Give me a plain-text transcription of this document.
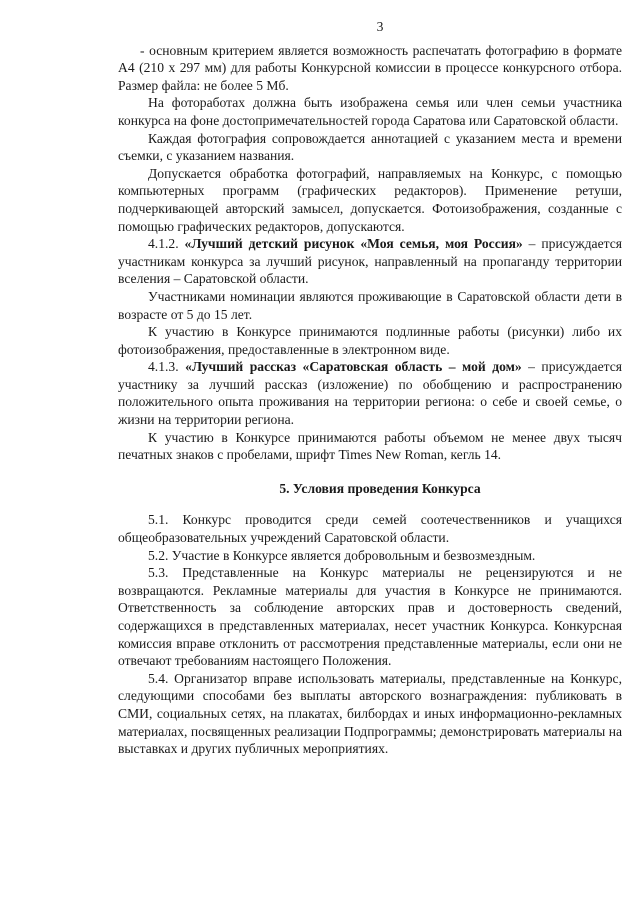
3

- основным критерием является возможность распечатать фотографию в формате А4 (210 х 297 мм) для работы Конкурсной комиссии в процессе конкурсного отбора. Размер файла: не более 5 Мб.

На фотоработах должна быть изображена семья или член семьи участника конкурса на фоне достопримечательностей города Саратова или Саратовской области.

Каждая фотография сопровождается аннотацией с указанием места и времени съемки, с указанием названия.

Допускается обработка фотографий, направляемых на Конкурс, с помощью компьютерных программ (графических редакторов). Применение ретуши, подчеркивающей авторский замысел, допускается. Фотоизображения, созданные с помощью графических редакторов, допускаются.

4.1.2. «Лучший детский рисунок «Моя семья, моя Россия» – присуждается участникам конкурса за лучший рисунок, направленный на пропаганду территории вселения – Саратовской области.

Участниками номинации являются проживающие в Саратовской области дети в возрасте от 5 до 15 лет.

К участию в Конкурсе принимаются подлинные работы (рисунки) либо их фотоизображения, предоставленные в электронном виде.

4.1.3. «Лучший рассказ «Саратовская область – мой дом» – присуждается участнику за лучший рассказ (изложение) по обобщению и распространению положительного опыта проживания на территории региона: о себе и своей семье, о жизни на территории региона.

К участию в Конкурсе принимаются работы объемом не менее двух тысяч печатных знаков с пробелами, шрифт Times New Roman, кегль 14.

5. Условия проведения Конкурса

5.1. Конкурс проводится среди семей соотечественников и учащихся общеобразовательных учреждений Саратовской области.

5.2. Участие в Конкурсе является добровольным и безвозмездным.

5.3. Представленные на Конкурс материалы не рецензируются и не возвращаются. Рекламные материалы для участия в Конкурсе не принимаются. Ответственность за соблюдение авторских прав и достоверность сведений, содержащихся в представленных материалах, несет участник Конкурса. Конкурсная комиссия вправе отклонить от рассмотрения представленные материалы, если они не отвечают требованиям настоящего Положения.

5.4. Организатор вправе использовать материалы, представленные на Конкурс, следующими способами без выплаты авторского вознаграждения: публиковать в СМИ, социальных сетях, на плакатах, билбордах и иных информационно-рекламных материалах, посвященных реализации Подпрограммы; демонстрировать материалы на выставках и других публичных мероприятиях.
